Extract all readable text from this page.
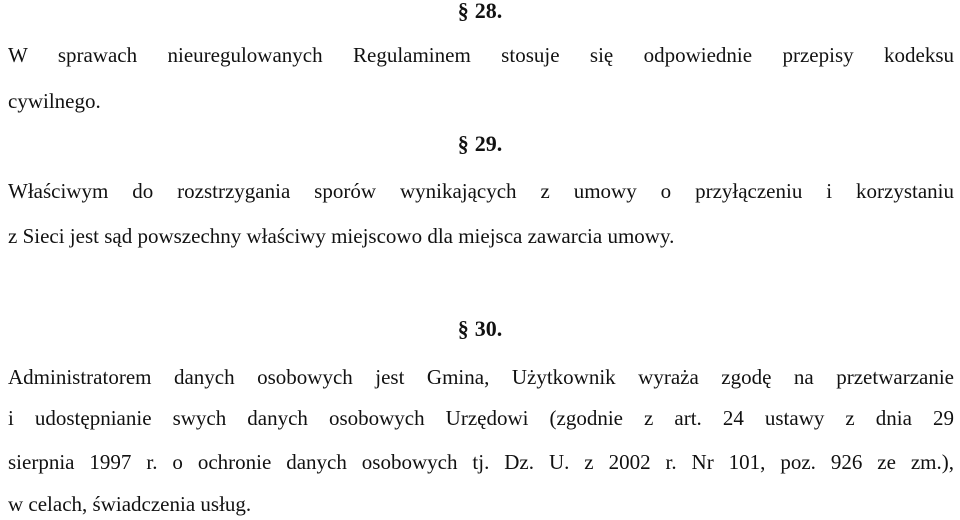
§ 28.
W sprawach nieuregulowanych Regulaminem stosuje się odpowiednie przepisy kodeksu
cywilnego.
§ 29.
Właściwym do rozstrzygania sporów wynikających z umowy o przyłączeniu i korzystaniu
z Sieci jest sąd powszechny właściwy miejscowo dla miejsca zawarcia umowy.
§ 30.
Administratorem danych osobowych jest Gmina, Użytkownik wyraża zgodę na przetwarzanie
i udostępnianie swych danych osobowych Urzędowi (zgodnie z art. 24 ustawy z dnia 29
sierpnia 1997 r. o ochronie danych osobowych tj. Dz. U. z 2002 r. Nr 101, poz. 926 ze zm.),
w celach, świadczenia usług.
